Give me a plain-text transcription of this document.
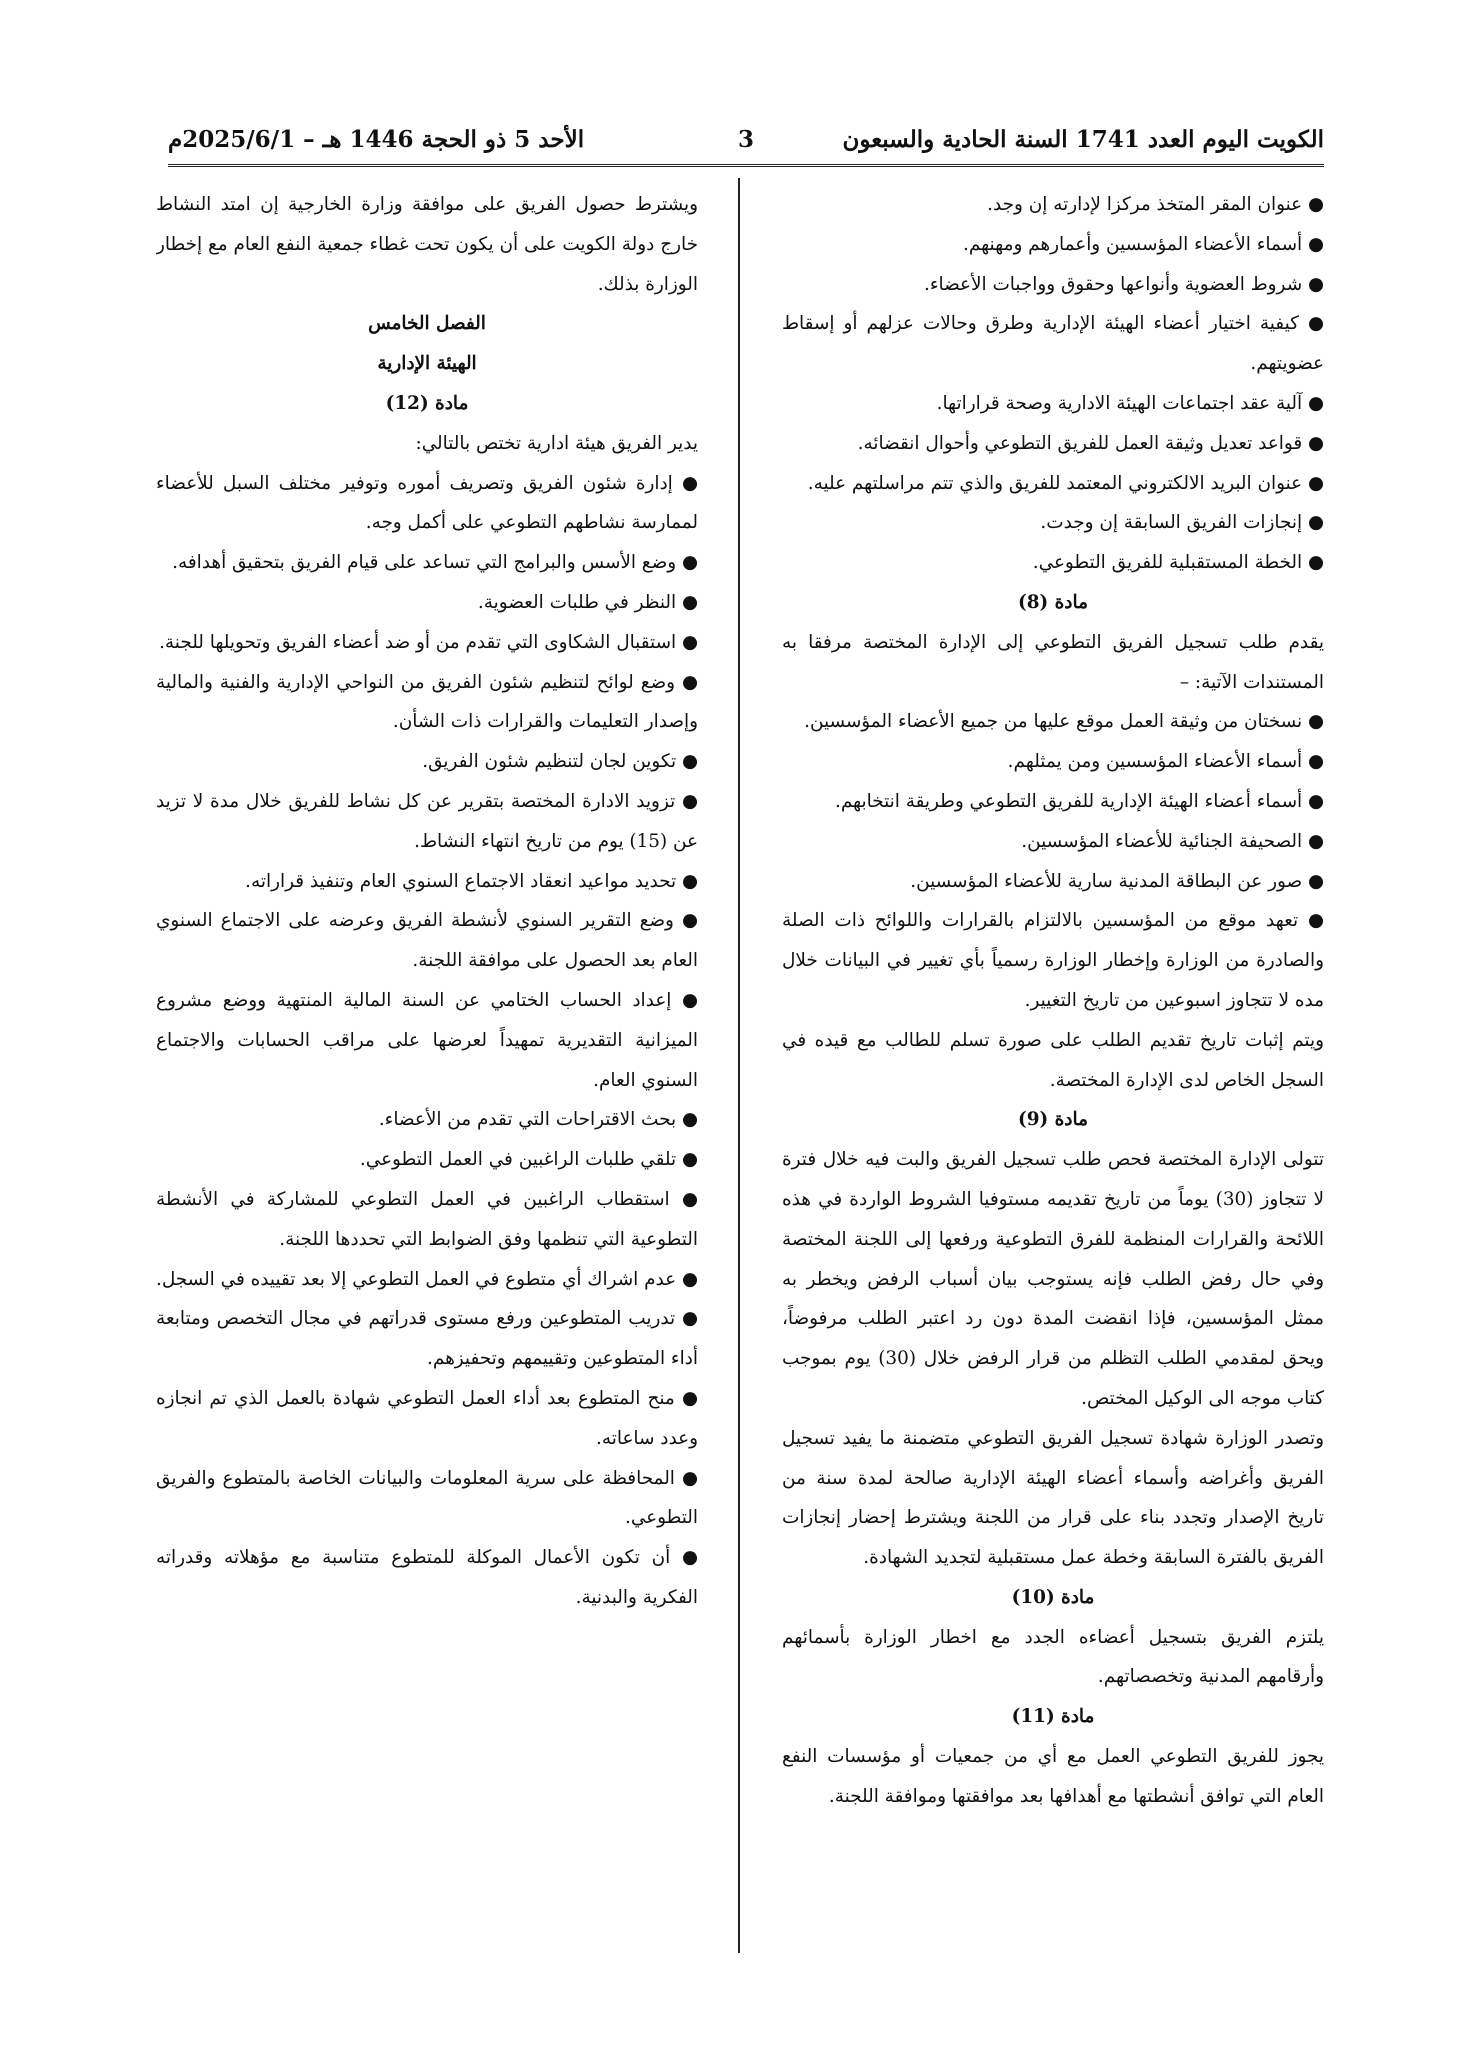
الكويت اليوم العدد 1741 السنة الحادية والسبعون
3
الأحد 5 ذو الحجة 1446 هـ – 2025/6/1م

● عنوان المقر المتخذ مركزا لإدارته إن وجد.

● أسماء الأعضاء المؤسسين وأعمارهم ومهنهم.

● شروط العضوية وأنواعها وحقوق وواجبات الأعضاء.

● كيفية اختيار أعضاء الهيئة الإدارية وطرق وحالات عزلهم أو إسقاط عضويتهم.

● آلية عقد اجتماعات الهيئة الادارية وصحة قراراتها.

● قواعد تعديل وثيقة العمل للفريق التطوعي وأحوال انقضائه.

● عنوان البريد الالكتروني المعتمد للفريق والذي تتم مراسلتهم عليه.

● إنجازات الفريق السابقة إن وجدت.

● الخطة المستقبلية للفريق التطوعي.

مادة (8)

يقدم طلب تسجيل الفريق التطوعي إلى الإدارة المختصة مرفقا به المستندات الآتية: –

● نسختان من وثيقة العمل موقع عليها من جميع الأعضاء المؤسسين.

● أسماء الأعضاء المؤسسين ومن يمثلهم.

● أسماء أعضاء الهيئة الإدارية للفريق التطوعي وطريقة انتخابهم.

● الصحيفة الجنائية للأعضاء المؤسسين.

● صور عن البطاقة المدنية سارية للأعضاء المؤسسين.

● تعهد موقع من المؤسسين بالالتزام بالقرارات واللوائح ذات الصلة والصادرة من الوزارة وإخطار الوزارة رسمياً بأي تغيير في البيانات خلال مده لا تتجاوز اسبوعين من تاريخ التغيير.

ويتم إثبات تاريخ تقديم الطلب على صورة تسلم للطالب مع قيده في السجل الخاص لدى الإدارة المختصة.

مادة (9)

تتولى الإدارة المختصة فحص طلب تسجيل الفريق والبت فيه خلال فترة لا تتجاوز (30) يوماً من تاريخ تقديمه مستوفيا الشروط الواردة في هذه اللائحة والقرارات المنظمة للفرق التطوعية ورفعها إلى اللجنة المختصة وفي حال رفض الطلب فإنه يستوجب بيان أسباب الرفض ويخطر به ممثل المؤسسين، فإذا انقضت المدة دون رد اعتبر الطلب مرفوضاً، ويحق لمقدمي الطلب التظلم من قرار الرفض خلال (30) يوم بموجب كتاب موجه الى الوكيل المختص.

وتصدر الوزارة شهادة تسجيل الفريق التطوعي متضمنة ما يفيد تسجيل الفريق وأغراضه وأسماء أعضاء الهيئة الإدارية صالحة لمدة سنة من تاريخ الإصدار وتجدد بناء على قرار من اللجنة ويشترط إحضار إنجازات الفريق بالفترة السابقة وخطة عمل مستقبلية لتجديد الشهادة.

مادة (10)

يلتزم الفريق بتسجيل أعضاءه الجدد مع اخطار الوزارة بأسمائهم وأرقامهم المدنية وتخصصاتهم.

مادة (11)

يجوز للفريق التطوعي العمل مع أي من جمعيات أو مؤسسات النفع العام التي توافق أنشطتها مع أهدافها بعد موافقتها وموافقة اللجنة.

ويشترط حصول الفريق على موافقة وزارة الخارجية إن امتد النشاط خارج دولة الكويت على أن يكون تحت غطاء جمعية النفع العام مع إخطار الوزارة بذلك.

الفصل الخامس

الهيئة الإدارية

مادة (12)

يدير الفريق هيئة ادارية تختص بالتالي:

● إدارة شئون الفريق وتصريف أموره وتوفير مختلف السبل للأعضاء لممارسة نشاطهم التطوعي على أكمل وجه.

● وضع الأسس والبرامج التي تساعد على قيام الفريق بتحقيق أهدافه.

● النظر في طلبات العضوية.

● استقبال الشكاوى التي تقدم من أو ضد أعضاء الفريق وتحويلها للجنة.

● وضع لوائح لتنظيم شئون الفريق من النواحي الإدارية والفنية والمالية وإصدار التعليمات والقرارات ذات الشأن.

● تكوين لجان لتنظيم شئون الفريق.

● تزويد الادارة المختصة بتقرير عن كل نشاط للفريق خلال مدة لا تزيد عن (15) يوم من تاريخ انتهاء النشاط.

● تحديد مواعيد انعقاد الاجتماع السنوي العام وتنفيذ قراراته.

● وضع التقرير السنوي لأنشطة الفريق وعرضه على الاجتماع السنوي العام بعد الحصول على موافقة اللجنة.

● إعداد الحساب الختامي عن السنة المالية المنتهية ووضع مشروع الميزانية التقديرية تمهيداً لعرضها على مراقب الحسابات والاجتماع السنوي العام.

● بحث الاقتراحات التي تقدم من الأعضاء.

● تلقي طلبات الراغبين في العمل التطوعي.

● استقطاب الراغبين في العمل التطوعي للمشاركة في الأنشطة التطوعية التي تنظمها وفق الضوابط التي تحددها اللجنة.

● عدم اشراك أي متطوع في العمل التطوعي إلا بعد تقييده في السجل.

● تدريب المتطوعين ورفع مستوى قدراتهم في مجال التخصص ومتابعة أداء المتطوعين وتقييمهم وتحفيزهم.

● منح المتطوع بعد أداء العمل التطوعي شهادة بالعمل الذي تم انجازه وعدد ساعاته.

● المحافظة على سرية المعلومات والبيانات الخاصة بالمتطوع والفريق التطوعي.

● أن تكون الأعمال الموكلة للمتطوع متناسبة مع مؤهلاته وقدراته الفكرية والبدنية.
